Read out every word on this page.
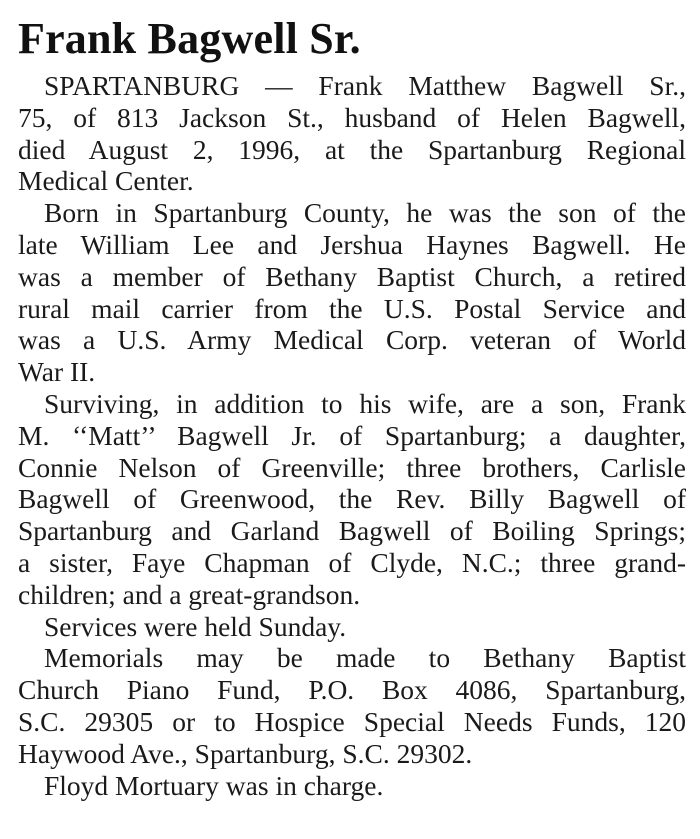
Frank Bagwell Sr.
SPARTANBURG — Frank Matthew Bagwell Sr.,
75, of 813 Jackson St., husband of Helen Bagwell,
died August 2, 1996, at the Spartanburg Regional
Medical Center.
Born in Spartanburg County, he was the son of the
late William Lee and Jershua Haynes Bagwell. He
was a member of Bethany Baptist Church, a retired
rural mail carrier from the U.S. Postal Service and
was a U.S. Army Medical Corp. veteran of World
War II.
Surviving, in addition to his wife, are a son, Frank
M. ‘‘Matt’’ Bagwell Jr. of Spartanburg; a daughter,
Connie Nelson of Greenville; three brothers, Carlisle
Bagwell of Greenwood, the Rev. Billy Bagwell of
Spartanburg and Garland Bagwell of Boiling Springs;
a sister, Faye Chapman of Clyde, N.C.; three grand-
children; and a great-grandson.
Services were held Sunday.
Memorials may be made to Bethany Baptist
Church Piano Fund, P.O. Box 4086, Spartanburg,
S.C. 29305 or to Hospice Special Needs Funds, 120
Haywood Ave., Spartanburg, S.C. 29302.
Floyd Mortuary was in charge.
